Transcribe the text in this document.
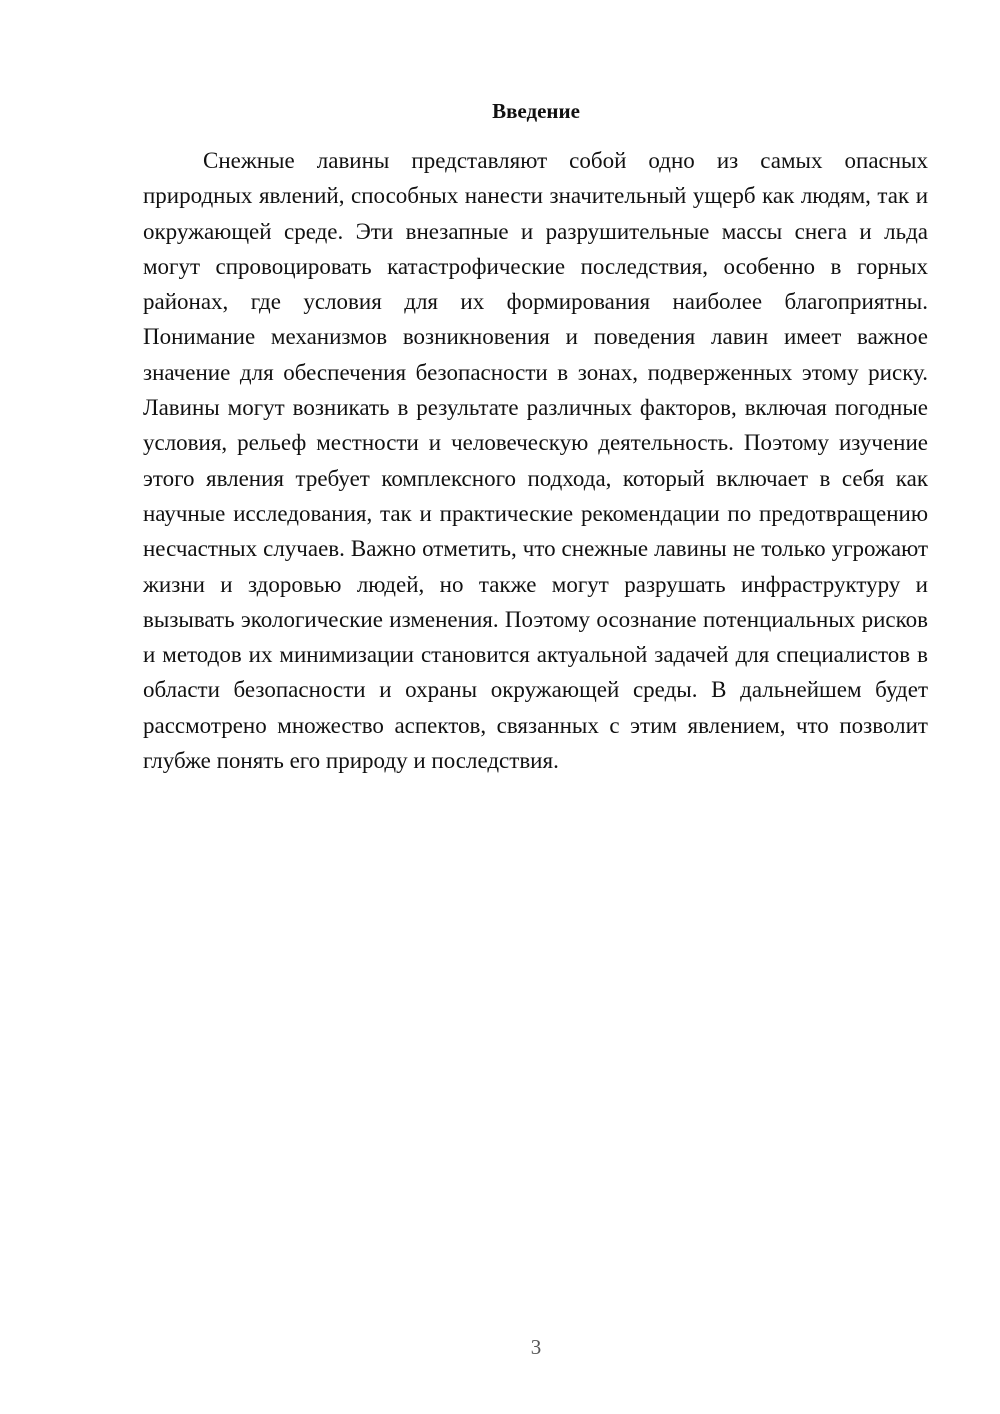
Введение

Снежные лавины представляют собой одно из самых опасных природных явлений, способных нанести значительный ущерб как людям, так и окружающей среде. Эти внезапные и разрушительные массы снега и льда могут спровоцировать катастрофические последствия, особенно в горных районах, где условия для их формирования наиболее благоприятны. Понимание механизмов возникновения и поведения лавин имеет важное значение для обеспечения безопасности в зонах, подверженных этому риску. Лавины могут возникать в результате различных факторов, включая погодные условия, рельеф местности и человеческую деятельность. Поэтому изучение этого явления требует комплексного подхода, который включает в себя как научные исследования, так и практические рекомендации по предотвращению несчастных случаев. Важно отметить, что снежные лавины не только угрожают жизни и здоровью людей, но также могут разрушать инфраструктуру и вызывать экологические изменения. Поэтому осознание потенциальных рисков и методов их минимизации становится актуальной задачей для специалистов в области безопасности и охраны окружающей среды. В дальнейшем будет рассмотрено множество аспектов, связанных с этим явлением, что позволит глубже понять его природу и последствия.

3
